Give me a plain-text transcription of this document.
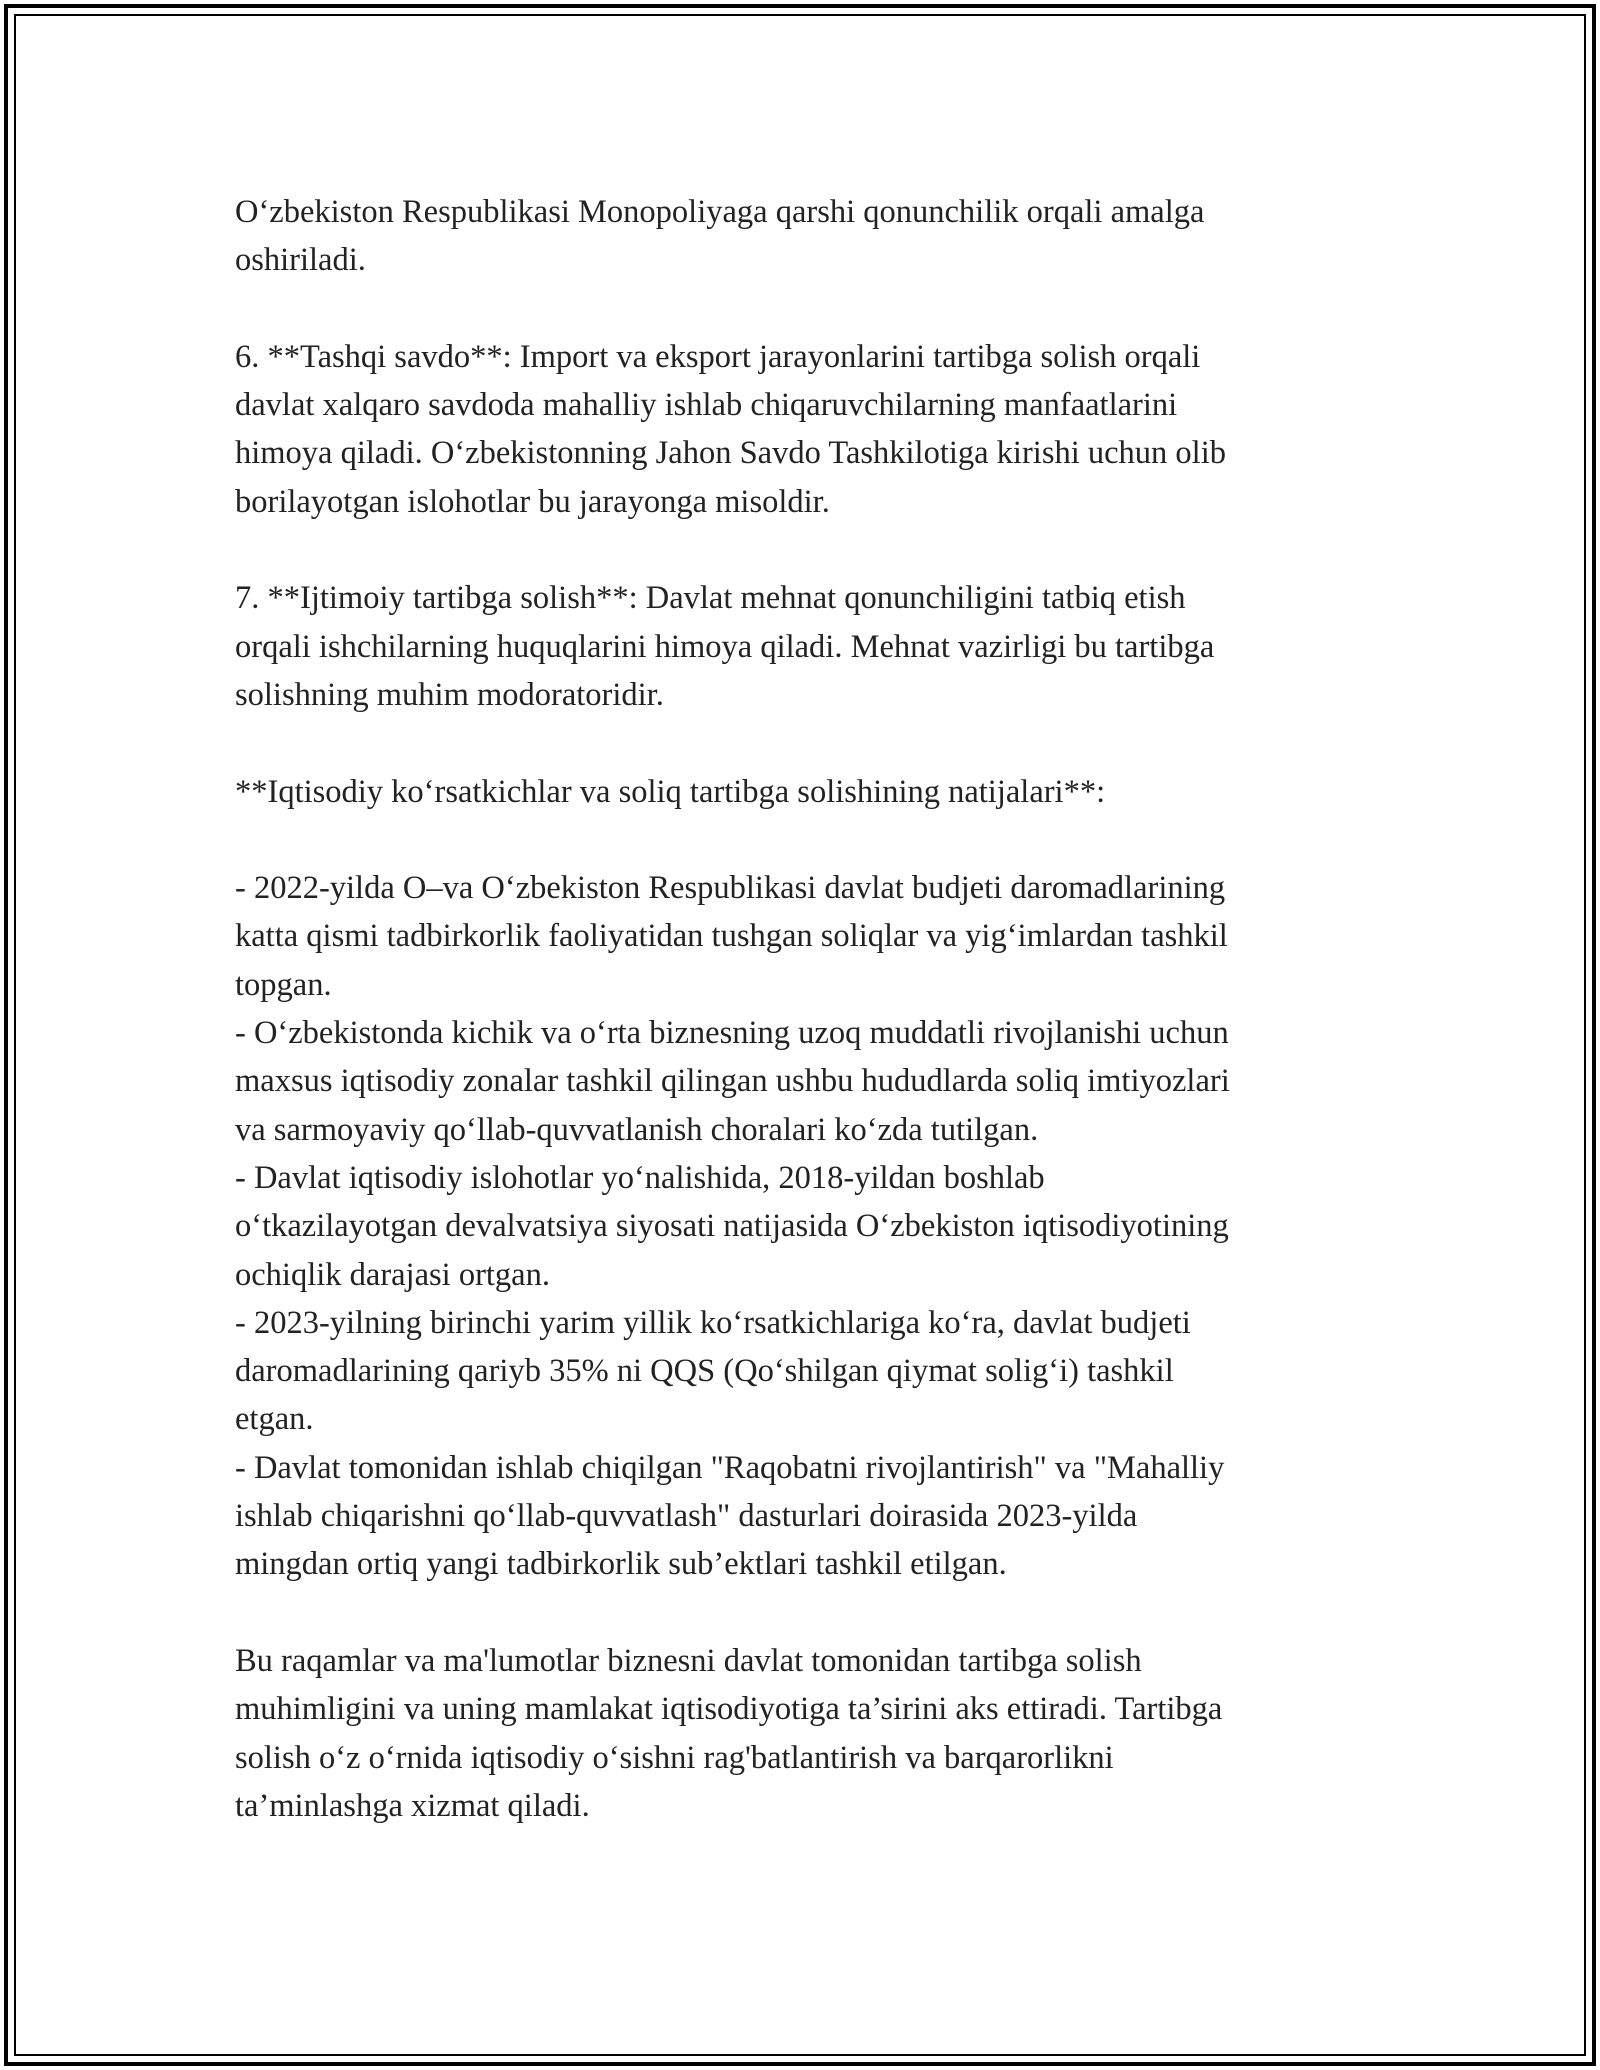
O‘zbekiston Respublikasi Monopoliyaga qarshi qonunchilik orqali amalga

oshiriladi.

6. **Tashqi savdo**: Import va eksport jarayonlarini tartibga solish orqali

davlat xalqaro savdoda mahalliy ishlab chiqaruvchilarning manfaatlarini

himoya qiladi. O‘zbekistonning Jahon Savdo Tashkilotiga kirishi uchun olib

borilayotgan islohotlar bu jarayonga misoldir.

7. **Ijtimoiy tartibga solish**: Davlat mehnat qonunchiligini tatbiq etish

orqali ishchilarning huquqlarini himoya qiladi. Mehnat vazirligi bu tartibga

solishning muhim modoratoridir.

**Iqtisodiy ko‘rsatkichlar va soliq tartibga solishining natijalari**:

- 2022-yilda O–va O‘zbekiston Respublikasi davlat budjeti daromadlarining

katta qismi tadbirkorlik faoliyatidan tushgan soliqlar va yig‘imlardan tashkil

topgan.

- O‘zbekistonda kichik va o‘rta biznesning uzoq muddatli rivojlanishi uchun

maxsus iqtisodiy zonalar tashkil qilingan ushbu hududlarda soliq imtiyozlari

va sarmoyaviy qo‘llab-quvvatlanish choralari ko‘zda tutilgan.

- Davlat iqtisodiy islohotlar yo‘nalishida, 2018-yildan boshlab

o‘tkazilayotgan devalvatsiya siyosati natijasida O‘zbekiston iqtisodiyotining

ochiqlik darajasi ortgan.

- 2023-yilning birinchi yarim yillik ko‘rsatkichlariga ko‘ra, davlat budjeti

daromadlarining qariyb 35% ni QQS (Qo‘shilgan qiymat solig‘i) tashkil

etgan.

- Davlat tomonidan ishlab chiqilgan "Raqobatni rivojlantirish" va "Mahalliy

ishlab chiqarishni qo‘llab-quvvatlash" dasturlari doirasida 2023-yilda

mingdan ortiq yangi tadbirkorlik sub’ektlari tashkil etilgan.

Bu raqamlar va ma'lumotlar biznesni davlat tomonidan tartibga solish

muhimligini va uning mamlakat iqtisodiyotiga ta’sirini aks ettiradi. Tartibga

solish o‘z o‘rnida iqtisodiy o‘sishni rag'batlantirish va barqarorlikni

ta’minlashga xizmat qiladi.
